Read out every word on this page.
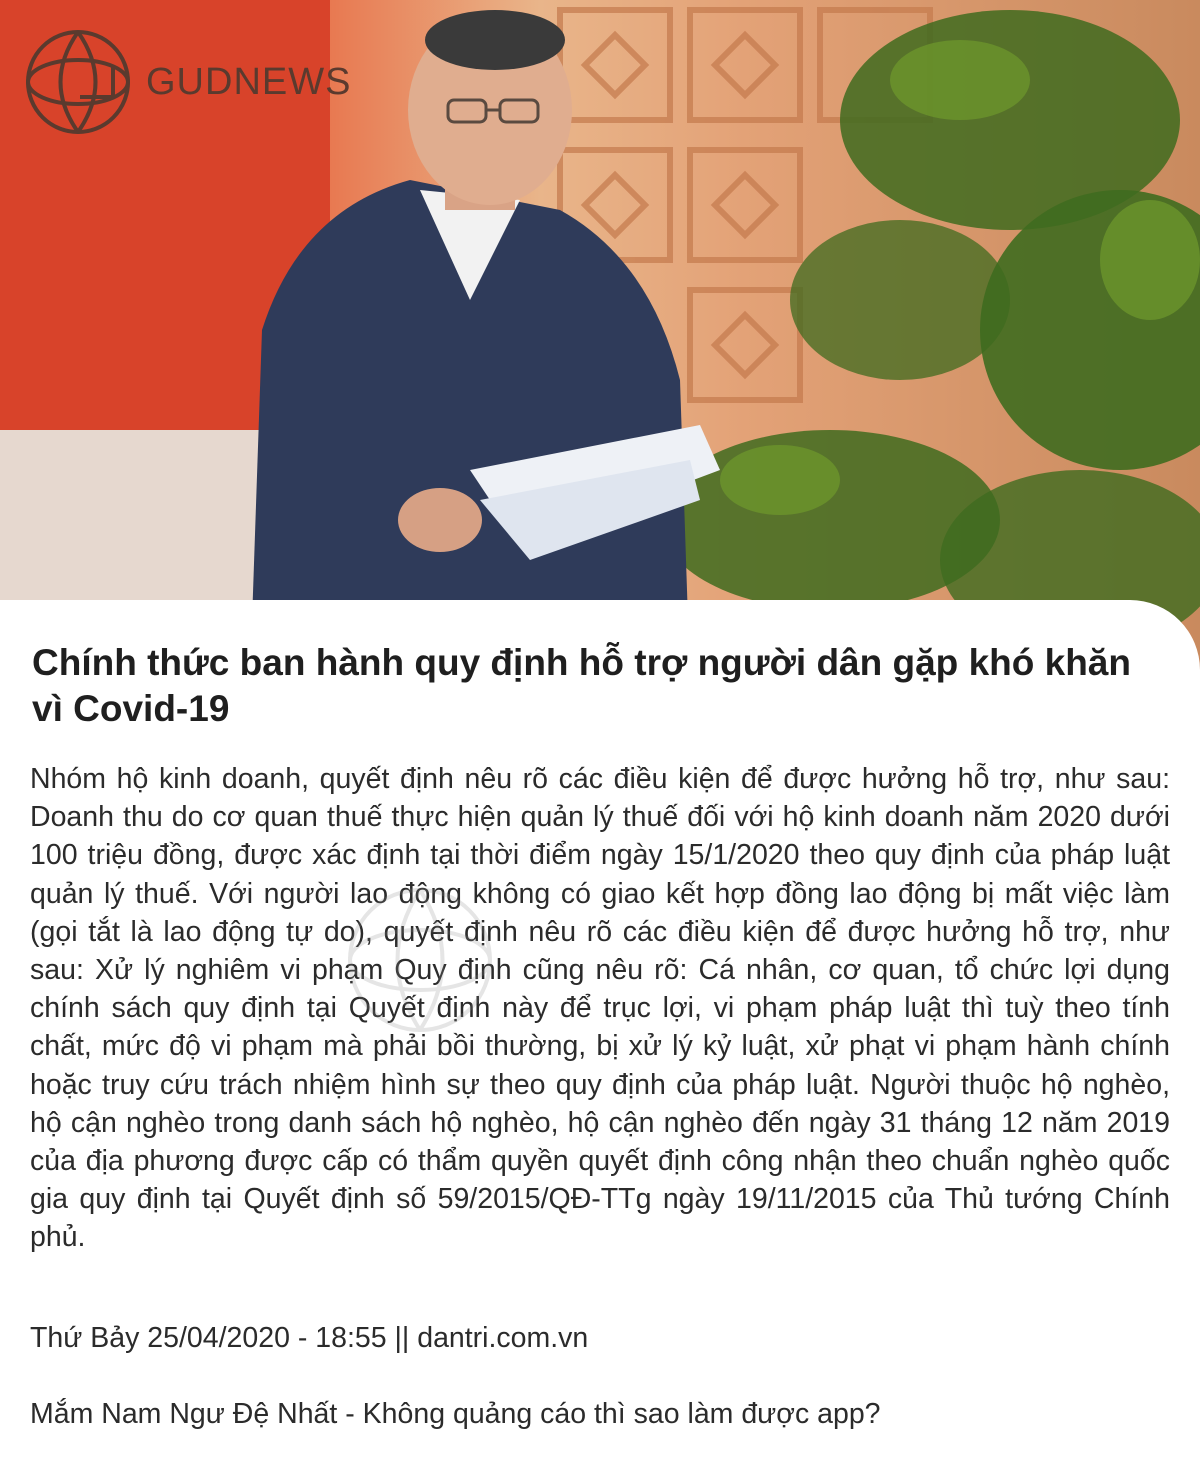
GUDNEWS
Chính thức ban hành quy định hỗ trợ người dân gặp khó khăn vì Covid-19

Nhóm hộ kinh doanh, quyết định nêu rõ các điều kiện để được hưởng hỗ trợ, như sau: Doanh thu do cơ quan thuế thực hiện quản lý thuế đối với hộ kinh doanh năm 2020 dưới 100 triệu đồng, được xác định tại thời điểm ngày 15/1/2020 theo quy định của pháp luật quản lý thuế. Với người lao động không có giao kết hợp đồng lao động bị mất việc làm (gọi tắt là lao động tự do), quyết định nêu rõ các điều kiện để được hưởng hỗ trợ, như sau: Xử lý nghiêm vi phạm Quy định cũng nêu rõ: Cá nhân, cơ quan, tổ chức lợi dụng chính sách quy định tại Quyết định này để trục lợi, vi phạm pháp luật thì tuỳ theo tính chất, mức độ vi phạm mà phải bồi thường, bị xử lý kỷ luật, xử phạt vi phạm hành chính hoặc truy cứu trách nhiệm hình sự theo quy định của pháp luật. Người thuộc hộ nghèo, hộ cận nghèo trong danh sách hộ nghèo, hộ cận nghèo đến ngày 31 tháng 12 năm 2019 của địa phương được cấp có thẩm quyền quyết định công nhận theo chuẩn nghèo quốc gia quy định tại Quyết định số 59/2015/QĐ-TTg ngày 19/11/2015 của Thủ tướng Chính phủ.

Thứ Bảy 25/04/2020 - 18:55 || dantri.com.vn

Mắm Nam Ngư Đệ Nhất - Không quảng cáo thì sao làm được app?
